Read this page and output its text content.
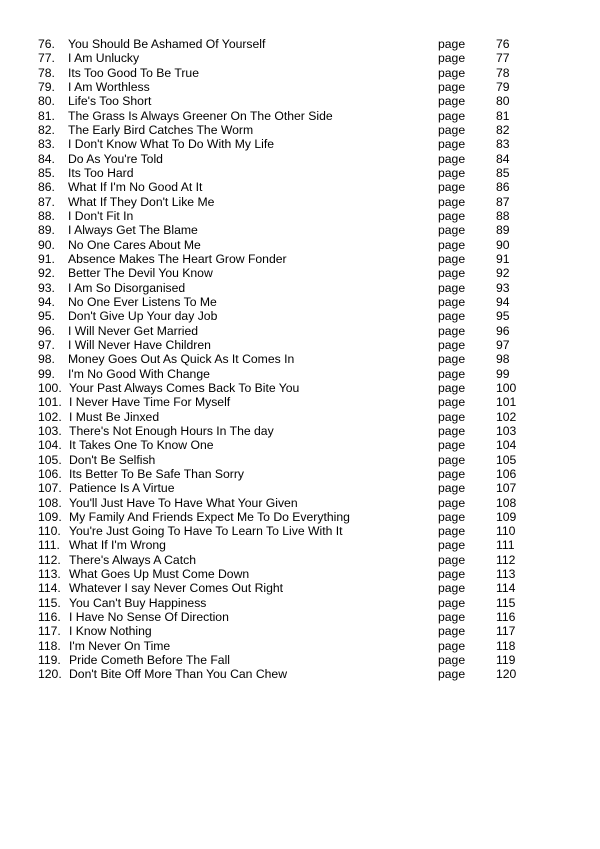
76. You Should Be Ashamed Of Yourself	page	76
77. I Am Unlucky	page	77
78. Its Too Good To Be True	page	78
79. I Am Worthless	page	79
80. Life's Too Short	page	80
81. The Grass Is Always Greener On The Other Side	page	81
82. The Early Bird Catches The Worm	page	82
83. I Don't Know What To Do With My Life	page	83
84. Do As You're Told	page	84
85. Its Too Hard	page	85
86. What If I'm No Good At It	page	86
87. What If They Don't Like Me	page	87
88. I Don't Fit In	page	88
89. I Always Get The Blame	page	89
90. No One Cares About Me	page	90
91. Absence Makes The Heart Grow Fonder	page	91
92. Better The Devil You Know	page	92
93. I Am So Disorganised	page	93
94. No One Ever Listens To Me	page	94
95. Don't Give Up Your day Job	page	95
96. I Will Never Get Married	page	96
97. I Will Never Have Children	page	97
98. Money Goes Out As Quick As It Comes In	page	98
99. I'm No Good With Change	page	99
100. Your Past Always Comes Back To Bite You	page	100
101. I Never Have Time For Myself	page	101
102. I Must Be Jinxed	page	102
103. There's Not Enough Hours In The day	page	103
104. It Takes One To Know One	page	104
105. Don't Be Selfish	page	105
106. Its Better To Be Safe Than Sorry	page	106
107. Patience Is A Virtue	page	107
108. You'll Just Have To Have What Your Given	page	108
109. My Family And Friends Expect Me To Do Everything	page	109
110. You're Just Going To Have To Learn To Live With It	page	110
111. What If I'm Wrong	page	111
112. There's Always A Catch	page	112
113. What Goes Up Must Come Down	page	113
114. Whatever I say Never Comes Out Right	page	114
115. You Can't Buy Happiness	page	115
116. I Have No Sense Of Direction	page	116
117. I Know Nothing	page	117
118. I'm Never On Time	page	118
119. Pride Cometh Before The Fall	page	119
120. Don't Bite Off More Than You Can Chew	page	120
